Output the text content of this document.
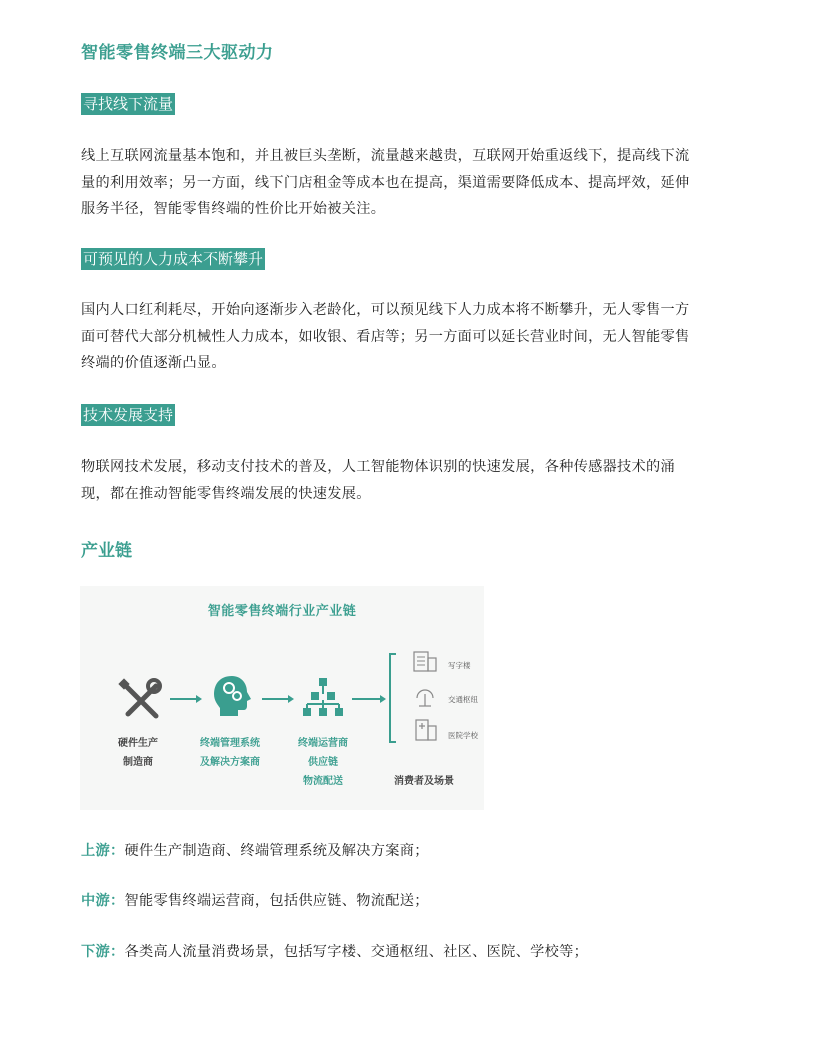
智能零售终端三大驱动力
寻找线下流量
线上互联网流量基本饱和，并且被巨头垄断，流量越来越贵，互联网开始重返线下，提高线下流
量的利用效率；另一方面，线下门店租金等成本也在提高，渠道需要降低成本、提高坪效，延伸
服务半径，智能零售终端的性价比开始被关注。
可预见的人力成本不断攀升
国内人口红利耗尽，开始向逐渐步入老龄化，可以预见线下人力成本将不断攀升，无人零售一方
面可替代大部分机械性人力成本，如收银、看店等；另一方面可以延长营业时间，无人智能零售
终端的价值逐渐凸显。
技术发展支持
物联网技术发展，移动支付技术的普及，人工智能物体识别的快速发展，各种传感器技术的涌
现，都在推动智能零售终端发展的快速发展。
产业链
智能零售终端行业产业链
写字楼
交通枢纽
医院学校
硬件生产
制造商
终端管理系统
及解决方案商
终端运营商
供应链
物流配送	消费者及场景
上游：硬件生产制造商、终端管理系统及解决方案商；
中游：智能零售终端运营商，包括供应链、物流配送；
下游：各类高人流量消费场景，包括写字楼、交通枢纽、社区、医院、学校等；
